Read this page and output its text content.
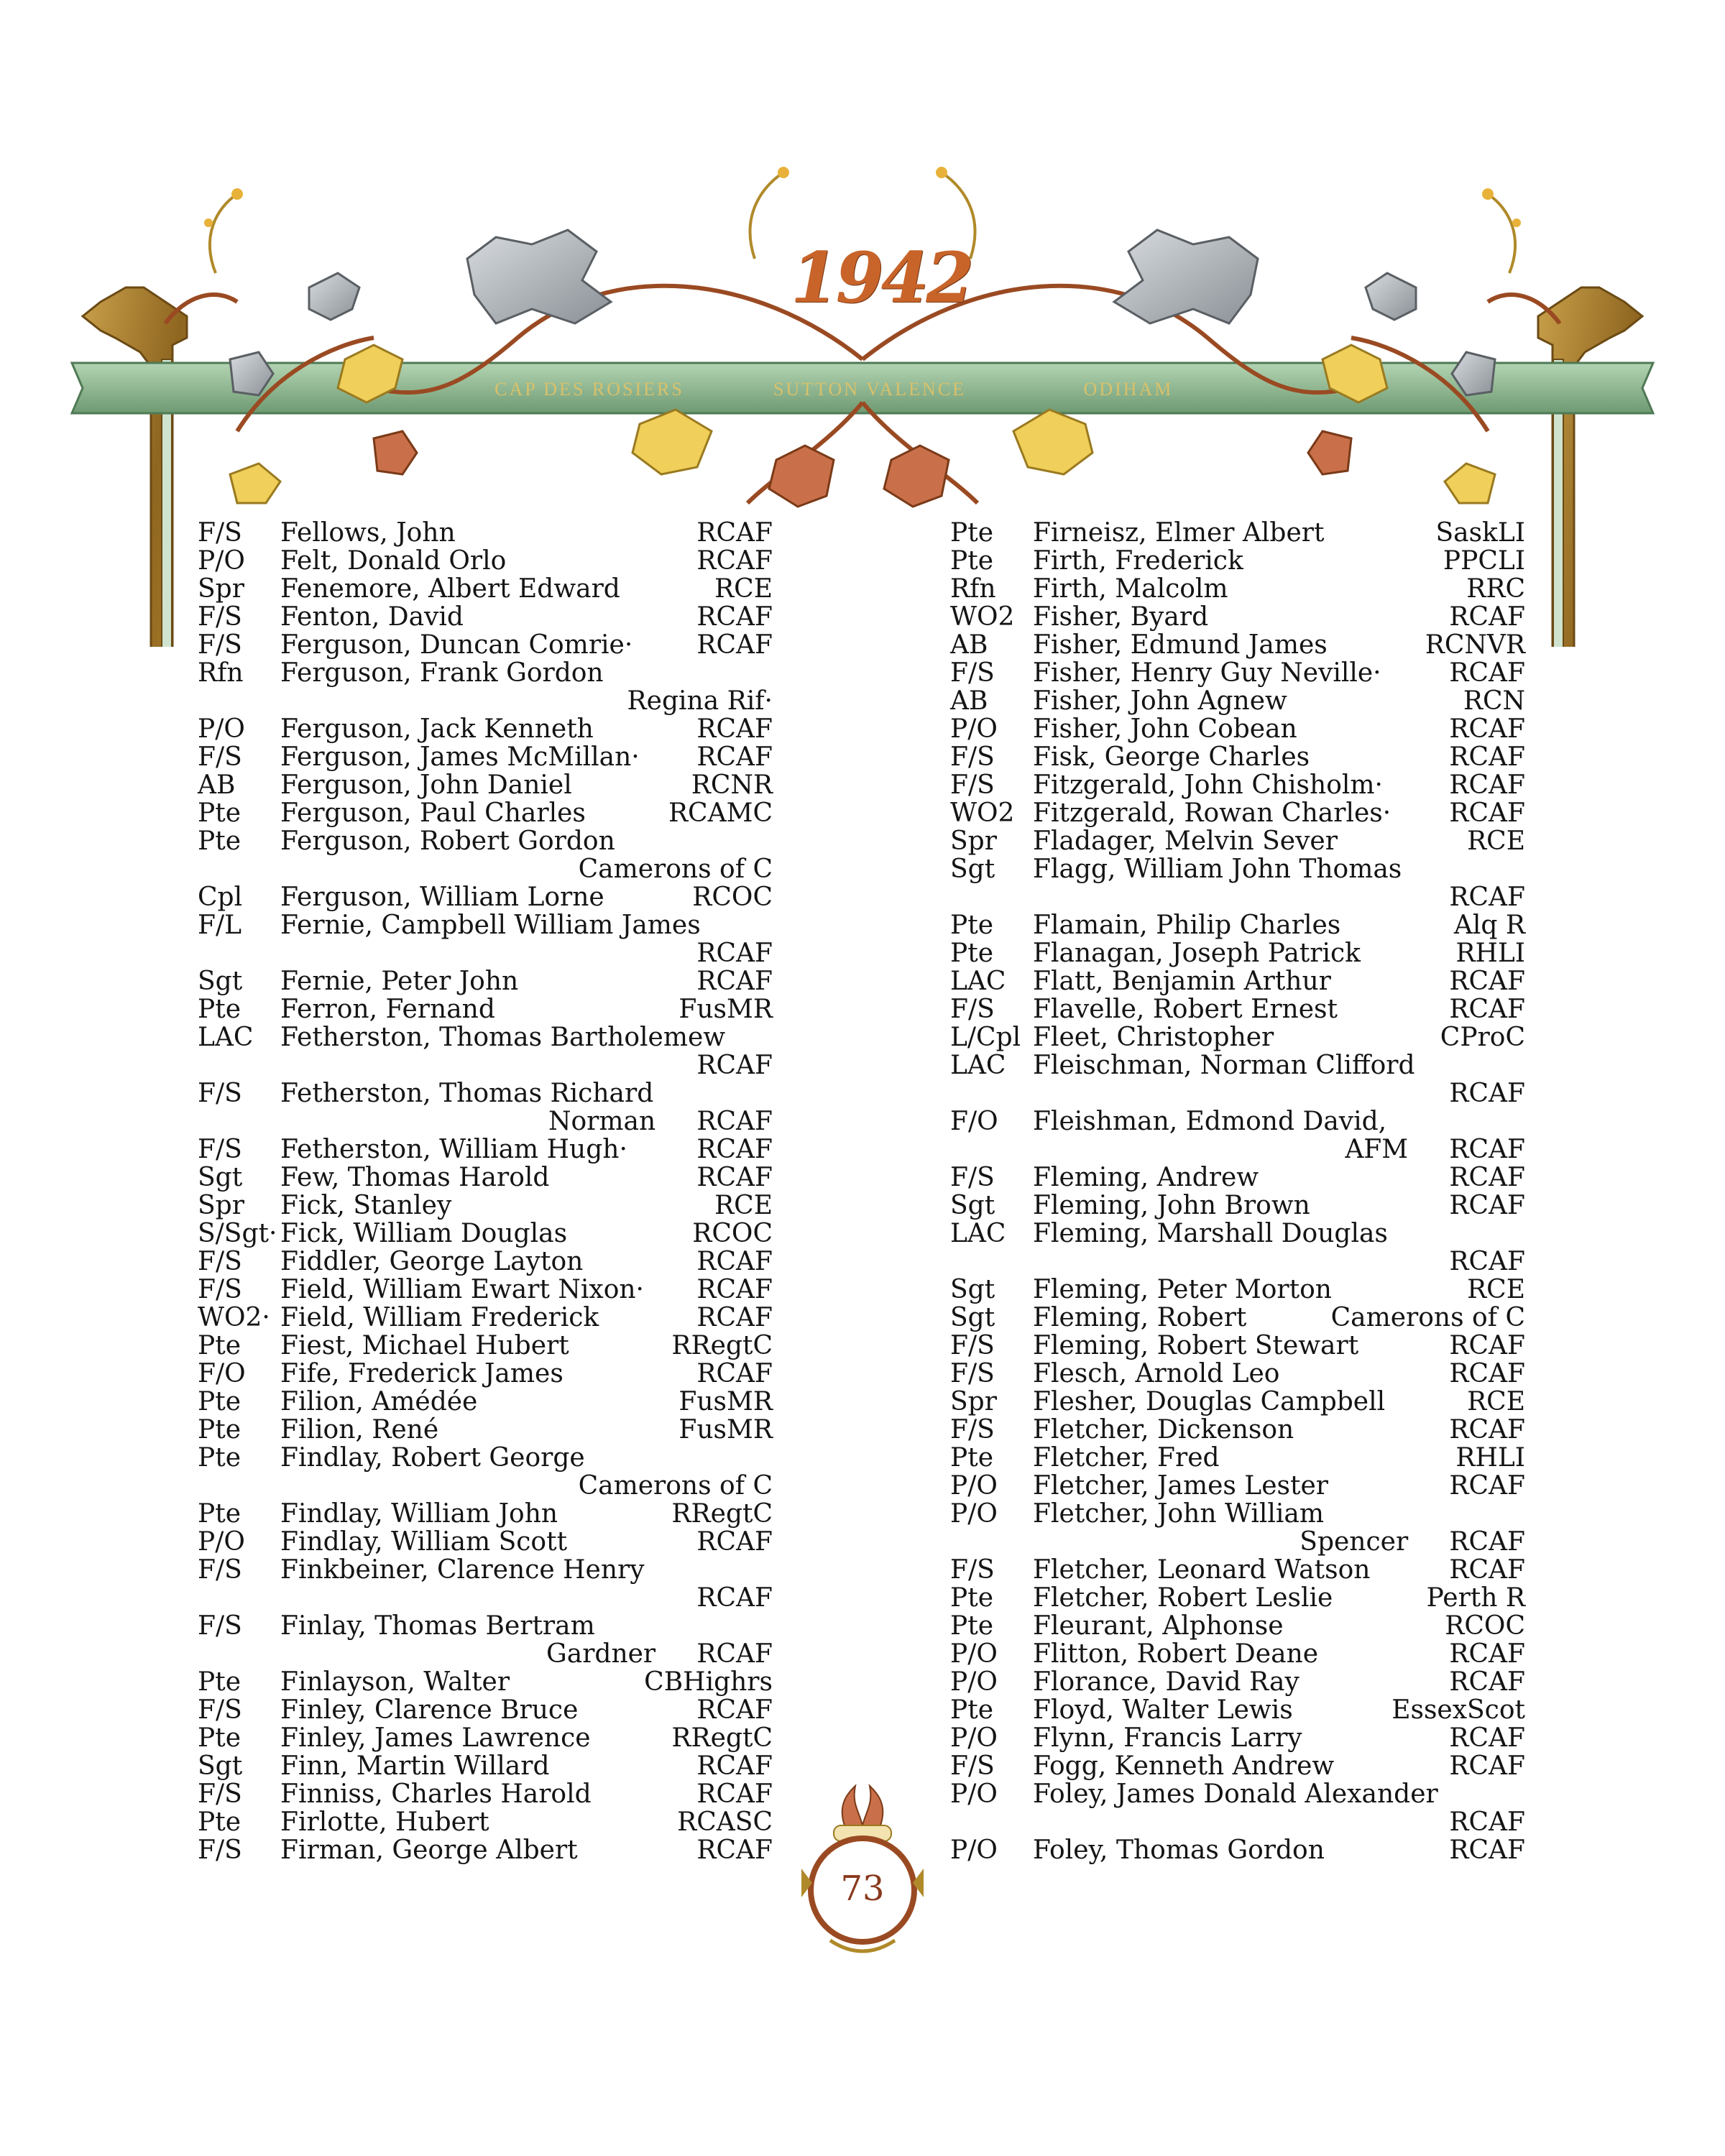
1942
CAP DES ROSIERS	SUTTON VALENCE	ODIHAM
F/S Fellows, John	RCAF
P/O Felt, Donald Orlo	RCAF
Spr Fenemore, Albert Edward	RCE
F/S Fenton, David	RCAF
F/S Ferguson, Duncan Comrie· RCAF
Rfn Ferguson, Frank Gordon
Regina Rif·
P/O Ferguson, Jack Kenneth	RCAF
F/S Ferguson, James McMillan· RCAF
AB Ferguson, John Daniel	RCNR
Pte Ferguson, Paul Charles	RCAMC
Pte Ferguson, Robert Gordon
Camerons of C
Cpl Ferguson, William Lorne	RCOC
F/L Fernie, Campbell William James
RCAF
Sgt Fernie, Peter John	RCAF
Pte Ferron, Fernand	FusMR
LAC Fetherston, Thomas Bartholemew
RCAF
F/S Fetherston, Thomas Richard
Norman     RCAF
F/S Fetherston, William Hugh·	RCAF
Sgt Few, Thomas Harold	RCAF
Spr Fick, Stanley	RCE
S/Sgt· Fick, William Douglas	RCOC
F/S Fiddler, George Layton	RCAF
F/S Field, William Ewart Nixon· RCAF
WO2· Field, William Frederick	RCAF
Pte Fiest, Michael Hubert	RRegtC
F/O Fife, Frederick James	RCAF
Pte Filion, Amédée	FusMR
Pte Filion, René	FusMR
Pte Findlay, Robert George
Camerons of C
Pte Findlay, William John	RRegtC
P/O Findlay, William Scott	RCAF
F/S Finkbeiner, Clarence Henry
RCAF
F/S Finlay, Thomas Bertram
Gardner     RCAF
Pte Finlayson, Walter	CBHighrs
F/S Finley, Clarence Bruce	RCAF
Pte Finley, James Lawrence	RRegtC
Sgt Finn, Martin Willard	RCAF
F/S Finniss, Charles Harold	RCAF
Pte Firlotte, Hubert	RCASC
F/S Firman, George Albert	RCAF
Pte Firneisz, Elmer Albert	SaskLI
Pte Firth, Frederick	PPCLI
Rfn Firth, Malcolm	RRC
WO2 Fisher, Byard	RCAF
AB Fisher, Edmund James	RCNVR
F/S Fisher, Henry Guy Neville·	RCAF
AB Fisher, John Agnew	RCN
P/O Fisher, John Cobean	RCAF
F/S Fisk, George Charles	RCAF
F/S Fitzgerald, John Chisholm·	RCAF
WO2 Fitzgerald, Rowan Charles· RCAF
Spr Fladager, Melvin Sever	RCE
Sgt Flagg, William John Thomas
RCAF
Pte Flamain, Philip Charles	Alq R
Pte Flanagan, Joseph Patrick	RHLI
LAC Flatt, Benjamin Arthur	RCAF
F/S Flavelle, Robert Ernest	RCAF
L/Cpl Fleet, Christopher	CProC
LAC Fleischman, Norman Clifford
RCAF
F/O Fleishman, Edmond David,
AFM     RCAF
F/S Fleming, Andrew	RCAF
Sgt Fleming, John Brown	RCAF
LAC Fleming, Marshall Douglas
RCAF
Sgt Fleming, Peter Morton	RCE
Sgt Fleming, Robert	Camerons of C
F/S Fleming, Robert Stewart	RCAF
F/S Flesch, Arnold Leo	RCAF
Spr Flesher, Douglas Campbell	RCE
F/S Fletcher, Dickenson	RCAF
Pte Fletcher, Fred	RHLI
P/O Fletcher, James Lester	RCAF
P/O Fletcher, John William
Spencer     RCAF
F/S Fletcher, Leonard Watson	RCAF
Pte Fletcher, Robert Leslie	Perth R
Pte Fleurant, Alphonse	RCOC
P/O Flitton, Robert Deane	RCAF
P/O Florance, David Ray	RCAF
Pte Floyd, Walter Lewis	EssexScot
P/O Flynn, Francis Larry	RCAF
F/S Fogg, Kenneth Andrew	RCAF
P/O Foley, James Donald Alexander
RCAF
P/O Foley, Thomas Gordon	RCAF
73
